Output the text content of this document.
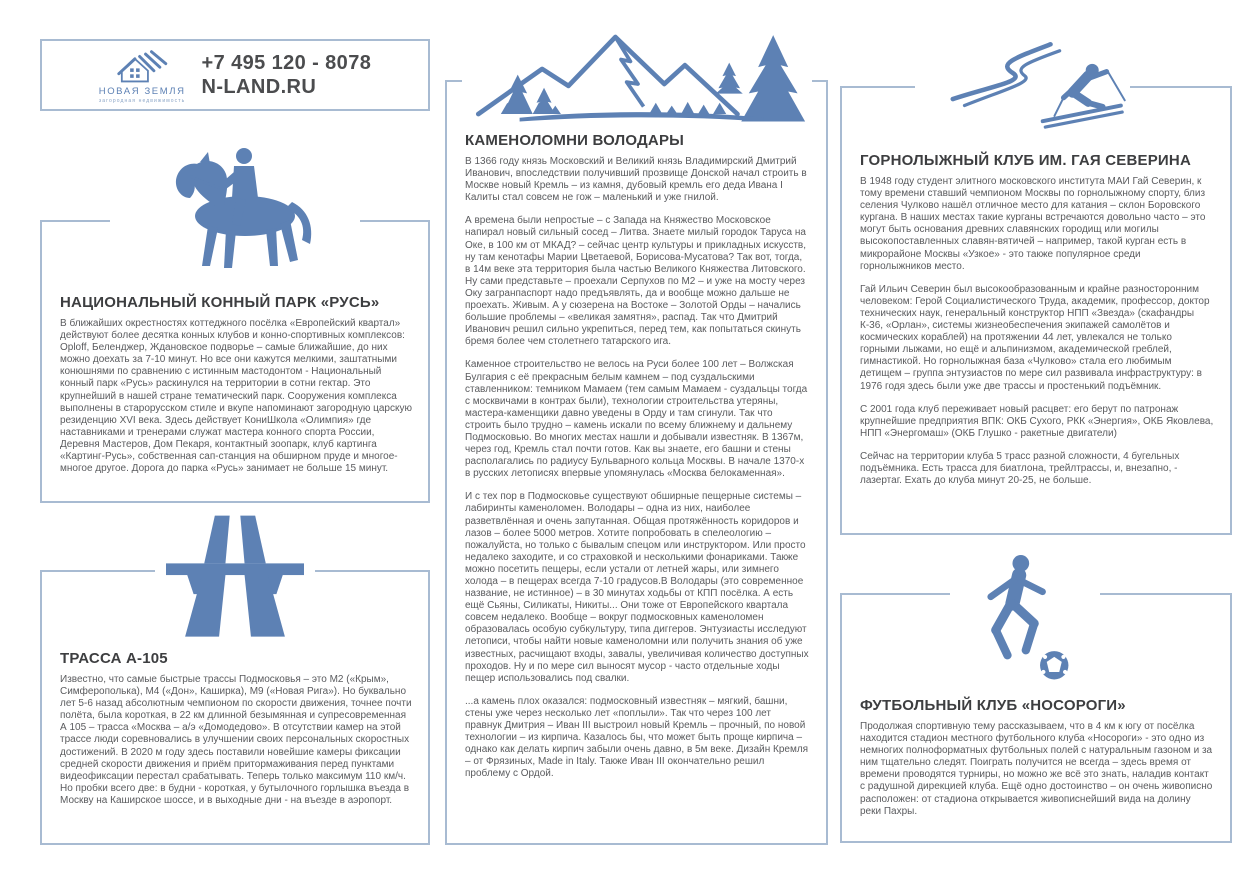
НОВАЯ ЗЕМЛЯ
загородная недвижимость
+7 495 120 - 8078
N-LAND.RU
НАЦИОНАЛЬНЫЙ КОННЫЙ ПАРК «РУСЬ»

В ближайших окрестностях коттеджного посёлка «Европейский квартал» действуют более десятка конных клубов и конно-спортивных комплексов: Орloff, Беленджер, Ждановское подворье – самые ближайшие, до них можно доехать за 7-10 минут. Но все они кажутся мелкими, заштатными конюшнями по сравнению с истинным мастодонтом - Национальный конный парк «Русь» раскинулся на территории в сотни гектар. Это крупнейший в нашей стране тематический парк. Сооружения комплекса выполнены в старорусском стиле и вкупе напоминают загородную царскую резиденцию XVI века. Здесь действует КониШкола «Олимпия» где наставниками и тренерами служат мастера конного спорта России, Деревня Мастеров, Дом Пекаря, контактный зоопарк, клуб картинга «Картинг-Русь», собственная сап-станция на обширном пруде и многое-многое другое. Дорога до парка «Русь» занимает не больше 15 минут.

ТРАССА А-105

Известно, что самые быстрые трассы Подмосковья – это М2 («Крым», Симферополька), М4 («Дон», Каширка), М9 («Новая Рига»). Но буквально лет 5-6 назад абсолютным чемпионом по скорости движения, точнее почти полёта, была короткая, в 22 км длинной безымянная и супресовременная А 105 – трасса «Москва – а/э «Домодедово». В отсутствии камер на этой трассе люди соревновались в улучшении своих персональных скоростных достижений. В 2020 м году здесь поставили новейшие камеры фиксации средней скорости движения и приём притормаживания перед пунктами видеофиксации перестал срабатывать. Теперь только максимум 110 км/ч. Но пробки всего две: в будни - короткая, у бутылочного горлышка въезда в Москву на Каширское шоссе, и в выходные дни - на въезде в аэропорт.

КАМЕНОЛОМНИ ВОЛОДАРЫ

В 1366 году князь Московский и Великий князь Владимирский Дмитрий Иванович, впоследствии получивший прозвище Донской начал строить в Москве новый Кремль – из камня, дубовый кремль его деда Ивана I Калиты стал совсем не гож – маленький и уже гнилой.

А времена были непростые – с Запада на Княжество Московское напирал новый сильный сосед – Литва. Знаете милый городок Таруса на Оке, в 100 км от МКАД? – сейчас центр культуры и прикладных искусств, ну там кенотафы Марии Цветаевой, Борисова-Мусатова? Так вот, тогда, в 14м веке эта территория была частью Великого Княжества Литовского. Ну сами представьте – проехали Серпухов по М2 – и уже на мосту через Оку загранпаспорт надо предъявлять, да и вообще можно дальше не проехать. Живым. А у сюзерена на Востоке – Золотой Орды – начались большие проблемы – «великая замятня», распад. Так что Дмитрий Иванович решил сильно укрепиться, перед тем, как попытаться скинуть бремя более чем столетнего татарского ига.

Каменное строительство не велось на Руси более 100 лет – Волжская Булгария с её прекрасным белым камнем – под суздальскими ставленником: темником Мамаем (тем самым Мамаем - суздальцы тогда с москвичами в контрах были), технологии строительства утеряны, мастера-каменщики давно уведены в Орду и там сгинули. Так что строить было трудно – камень искали по всему ближнему и дальнему Подмосковью. Во многих местах нашли и добывали известняк. В 1367м, через год, Кремль стал почти готов. Как вы знаете, его башни и стены располагались по радиусу Бульварного кольца Москвы. В начале 1370-х в русских летописях впервые упомянулась «Москва белокаменная».

И с тех пор в Подмосковье существуют обширные пещерные системы – лабиринты каменоломен. Володары – одна из них, наиболее разветвлённая и очень запутанная. Общая протяжённость коридоров и лазов – более 5000 метров. Хотите попробовать в спелеологию – пожалуйста, но только с бывалым спецом или инструктором. Или просто недалеко заходите, и со страховкой и несколькими фонариками. Также можно посетить пещеры, если устали от летней жары, или зимнего холода – в пещерах всегда 7-10 градусов.В Володары (это современное название, не истинное) – в 30 минутах ходьбы от КПП посёлка. А есть ещё Сьяны, Силикаты, Никиты... Они тоже от Европейского квартала совсем недалеко. Вообще – вокруг подмосковных каменоломен образовалась особую субкультуру, типа диггеров. Энтузиасты исследуют летописи, чтобы найти новые каменоломни или получить знания об уже известных, расчищают входы, завалы, увеличивая количество доступных проходов. Ну и по мере сил выносят мусор - часто отдельные ходы пещер использовались под свалки.

...а камень плох оказался: подмосковный известняк – мягкий, башни, стены уже через несколько лет «поплыли». Так что через 100 лет правнук Дмитрия – Иван III выстроил новый Кремль – прочный, по новой технологии – из кирпича. Казалось бы, что может быть проще кирпича – однако как делать кирпич забыли очень давно, в 5м веке. Дизайн Кремля – от Фрязиных, Made in Italy. Также Иван III окончательно решил проблему с Ордой.

ГОРНОЛЫЖНЫЙ КЛУБ ИМ. ГАЯ СЕВЕРИНА

В 1948 году студент элитного московского института МАИ Гай Северин, к тому времени ставший чемпионом Москвы по горнолыжному спорту, близ селения Чулково нашёл отличное место для катания – склон Боровского кургана. В наших местах такие курганы встречаются довольно часто – это могут быть основания древних славянских городищ или могилы высокопоставленных славян-вятичей – например, такой курган есть в микрорайоне Москвы «Узкое» - это также популярное среди горнолыжников место.

Гай Ильич Северин был высокообразованным и крайне разносторонним человеком: Герой Социалистического Труда, академик, профессор, доктор технических наук, генеральный конструктор НПП «Звезда» (скафандры К-36, «Орлан», системы жизнеобеспечения экипажей самолётов и космических кораблей) на протяжении 44 лет, увлекался не только горными лыжами, но ещё и альпинизмом, академической греблей, гимнастикой. Но горнолыжная база «Чулково» стала его любимым детищем – группа энтузиастов по мере сил развивала инфраструктуру: в 1976 годя здесь были уже две трассы и простенький подъёмник.

С 2001 года клуб переживает новый расцвет: его берут по патронаж крупнейшие предприятия ВПК: ОКБ Сухого, РКК «Энергия», ОКБ Яковлева, НПП «Энергомаш» (ОКБ Глушко - ракетные двигатели)

Сейчас на территории клуба 5 трасс разной сложности, 4 бугельных подъёмника. Есть трасса для биатлона, трейлтрассы, и, внезапно, - лазертаг. Ехать до клуба минут 20-25, не больше.

ФУТБОЛЬНЫЙ КЛУБ «НОСОРОГИ»

Продолжая спортивную тему рассказываем, что в 4 км к югу от посёлка находится стадион местного футбольного клуба «Носороги» - это одно из немногих полноформатных футбольных полей с натуральным газоном и за ним тщательно следят. Поиграть получится не всегда – здесь время от времени проводятся турниры, но можно же всё это знать, наладив контакт с радушной дирекцией клуба. Ещё одно достоинство – он очень живописно расположен: от стадиона открывается живописнейший вида на долину реки Пахры.
